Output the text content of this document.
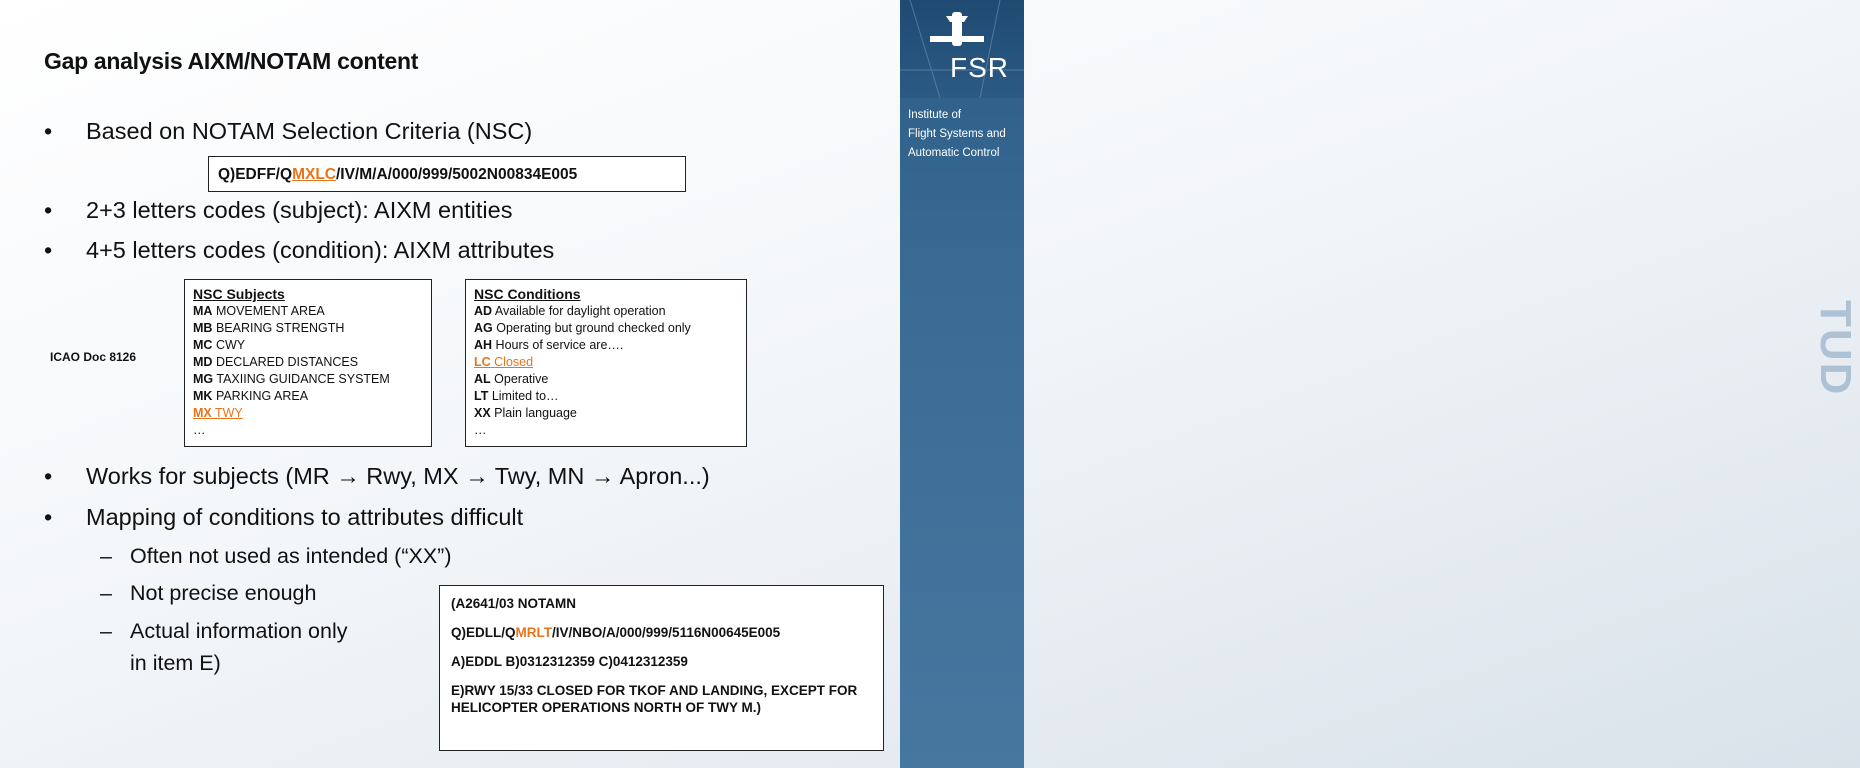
TUD
FSR
Institute of
Flight Systems and
Automatic Control
Gap analysis AIXM/NOTAM content
• Based on NOTAM Selection Criteria (NSC)
Q)EDFF/QMXLC/IV/M/A/000/999/5002N00834E005
• 2+3 letters codes (subject): AIXM entities
• 4+5 letters codes (condition): AIXM attributes
ICAO Doc 8126
NSC Subjects
MA MOVEMENT AREA
MB BEARING STRENGTH
MC CWY
MD DECLARED DISTANCES
MG TAXIING GUIDANCE SYSTEM
MK PARKING AREA
MX TWY
…
NSC Conditions
AD Available for daylight operation
AG Operating but ground checked only
AH Hours of service are….
LC Closed
AL Operative
LT Limited to…
XX Plain language
…
• Works for subjects (MR → Rwy, MX → Twy, MN → Apron...)
• Mapping of conditions to attributes difficult
– Often not used as intended (“XX”)
– Not precise enough
– Actual information only
in item E)
(A2641/03 NOTAMN
Q)EDLL/QMRLT/IV/NBO/A/000/999/5116N00645E005
A)EDDL B)0312312359 C)0412312359
E)RWY 15/33 CLOSED FOR TKOF AND LANDING, EXCEPT FOR HELICOPTER OPERATIONS NORTH OF TWY M.)
